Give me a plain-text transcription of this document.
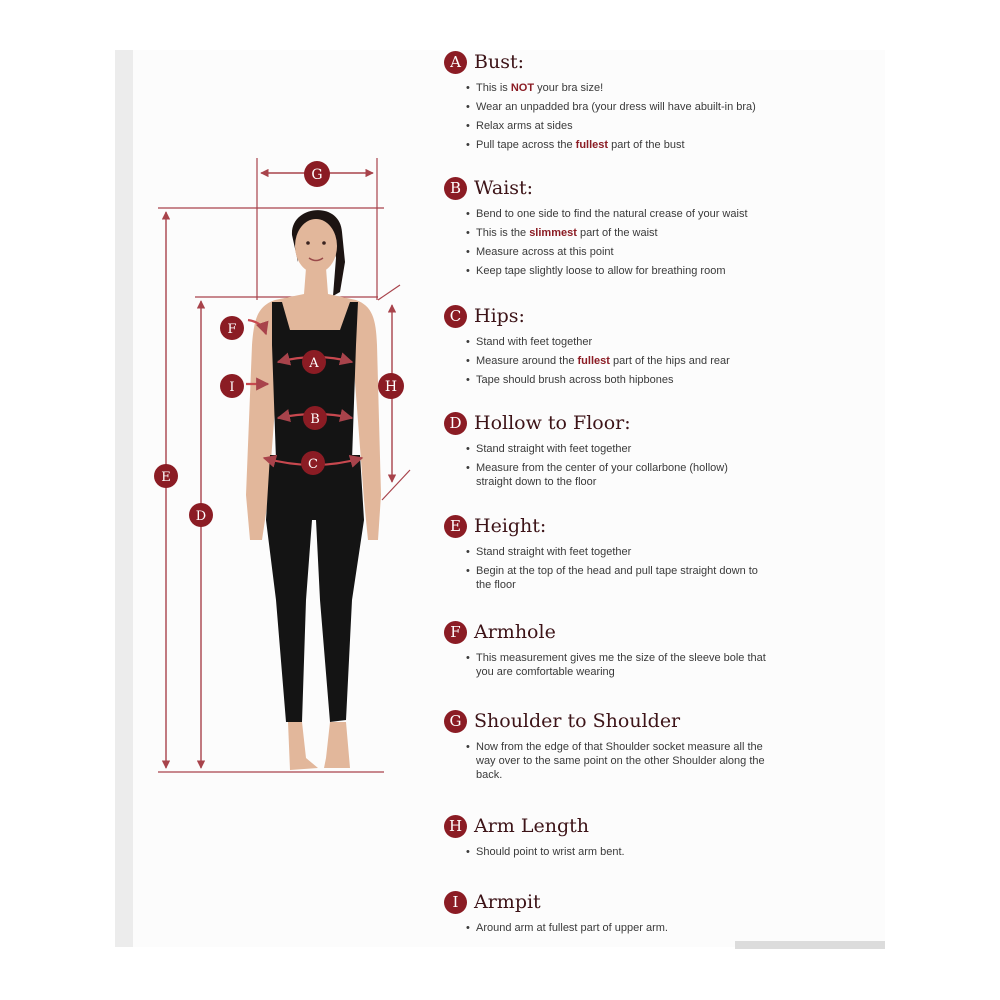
G
F
A
I	H
B
C
E
D
A Bust:
• This is NOT your bra size!
• Wear an unpadded bra (your dress will have abuilt-in bra)
• Relax arms at sides
• Pull tape across the fullest part of the bust
B Waist:
• Bend to one side to find the natural crease of your waist
• This is the slimmest part of the waist
• Measure across at this point
• Keep tape slightly loose to allow for breathing room
C Hips:
• Stand with feet together
• Measure around the fullest part of the hips and rear
• Tape should brush across both hipbones
D Hollow to Floor:
• Stand straight with feet together
• Measure from the center of your collarbone (hollow) straight down to the floor
E Height:
• Stand straight with feet together
• Begin at the top of the head and pull tape straight down to the floor
F Armhole
• This measurement gives me the size of the sleeve bole that you are comfortable wearing
G Shoulder to Shoulder
• Now from the edge of that Shoulder socket measure all the way over to the same point on the other Shoulder along the back.
H Arm Length
• Should point to wrist arm bent.
I Armpit
• Around arm at fullest part of upper arm.
